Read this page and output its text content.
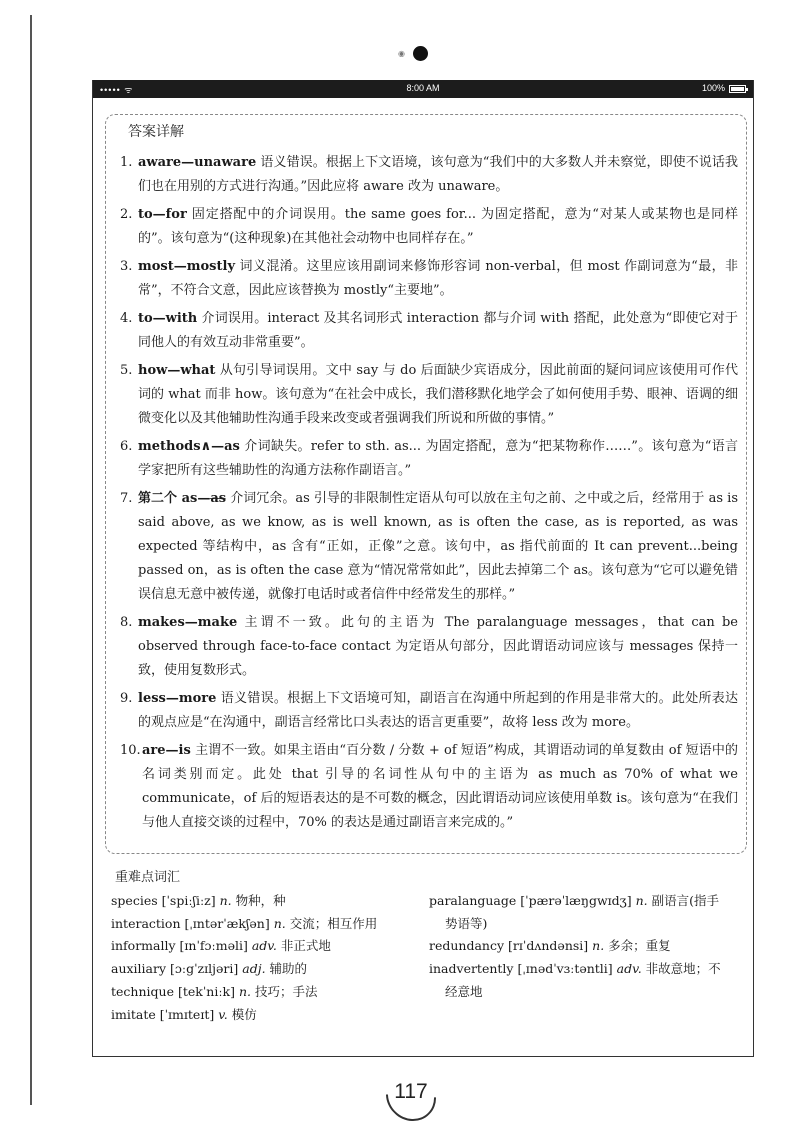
◉
••••• ᯤ	8:00 AM	100%
答案详解
1. aware—unaware 语义错误。根据上下文语境，该句意为“我们中的大多数人并未察觉，即使不说话我们也在用别的方式进行沟通。”因此应将 aware 改为 unaware。
2. to—for 固定搭配中的介词误用。the same goes for... 为固定搭配，意为“对某人或某物也是同样的”。该句意为“(这种现象)在其他社会动物中也同样存在。”
3. most—mostly 词义混淆。这里应该用副词来修饰形容词 non-verbal，但 most 作副词意为“最，非常”，不符合文意，因此应该替换为 mostly“主要地”。
4. to—with 介词误用。interact 及其名词形式 interaction 都与介词 with 搭配，此处意为“即使它对于同他人的有效互动非常重要”。
5. how—what 从句引导词误用。文中 say 与 do 后面缺少宾语成分，因此前面的疑问词应该使用可作代词的 what 而非 how。该句意为“在社会中成长，我们潜移默化地学会了如何使用手势、眼神、语调的细微变化以及其他辅助性沟通手段来改变或者强调我们所说和所做的事情。”
6. methods∧—as 介词缺失。refer to sth. as... 为固定搭配，意为“把某物称作……”。该句意为“语言学家把所有这些辅助性的沟通方法称作副语言。”
7. 第二个 as—a̶s̶ 介词冗余。as 引导的非限制性定语从句可以放在主句之前、之中或之后，经常用于 as is said above, as we know, as is well known, as is often the case, as is reported, as was expected 等结构中，as 含有“正如，正像”之意。该句中，as 指代前面的 It can prevent...being passed on，as is often the case 意为“情况常常如此”，因此去掉第二个 as。该句意为“它可以避免错误信息无意中被传递，就像打电话时或者信件中经常发生的那样。”
8. makes—make 主谓不一致。此句的主语为 The paralanguage messages，that can be observed through face-to-face contact 为定语从句部分，因此谓语动词应该与 messages 保持一致，使用复数形式。
9. less—more 语义错误。根据上下文语境可知，副语言在沟通中所起到的作用是非常大的。此处所表达的观点应是“在沟通中，副语言经常比口头表达的语言更重要”，故将 less 改为 more。
10. are—is 主谓不一致。如果主语由“百分数 / 分数 + of 短语”构成，其谓语动词的单复数由 of 短语中的名词类别而定。此处 that 引导的名词性从句中的主语为 as much as 70% of what we communicate，of 后的短语表达的是不可数的概念，因此谓语动词应该使用单数 is。该句意为“在我们与他人直接交谈的过程中，70% 的表达是通过副语言来完成的。”
重难点词汇
species [ˈspiːʃiːz] n. 物种，种
interaction [ˌɪntərˈækʃən] n. 交流；相互作用
informally [ɪnˈfɔːməli] adv. 非正式地
auxiliary [ɔːgˈzɪljəri] adj. 辅助的
technique [tekˈniːk] n. 技巧；手法
imitate [ˈɪmɪteɪt] v. 模仿
paralanguage [ˈpærəˈlæŋgwɪdʒ] n. 副语言(指手势语等)
redundancy [rɪˈdʌndənsi] n. 多余；重复
inadvertently [ˌɪnədˈvɜːtəntli] adv. 非故意地；不经意地
117
